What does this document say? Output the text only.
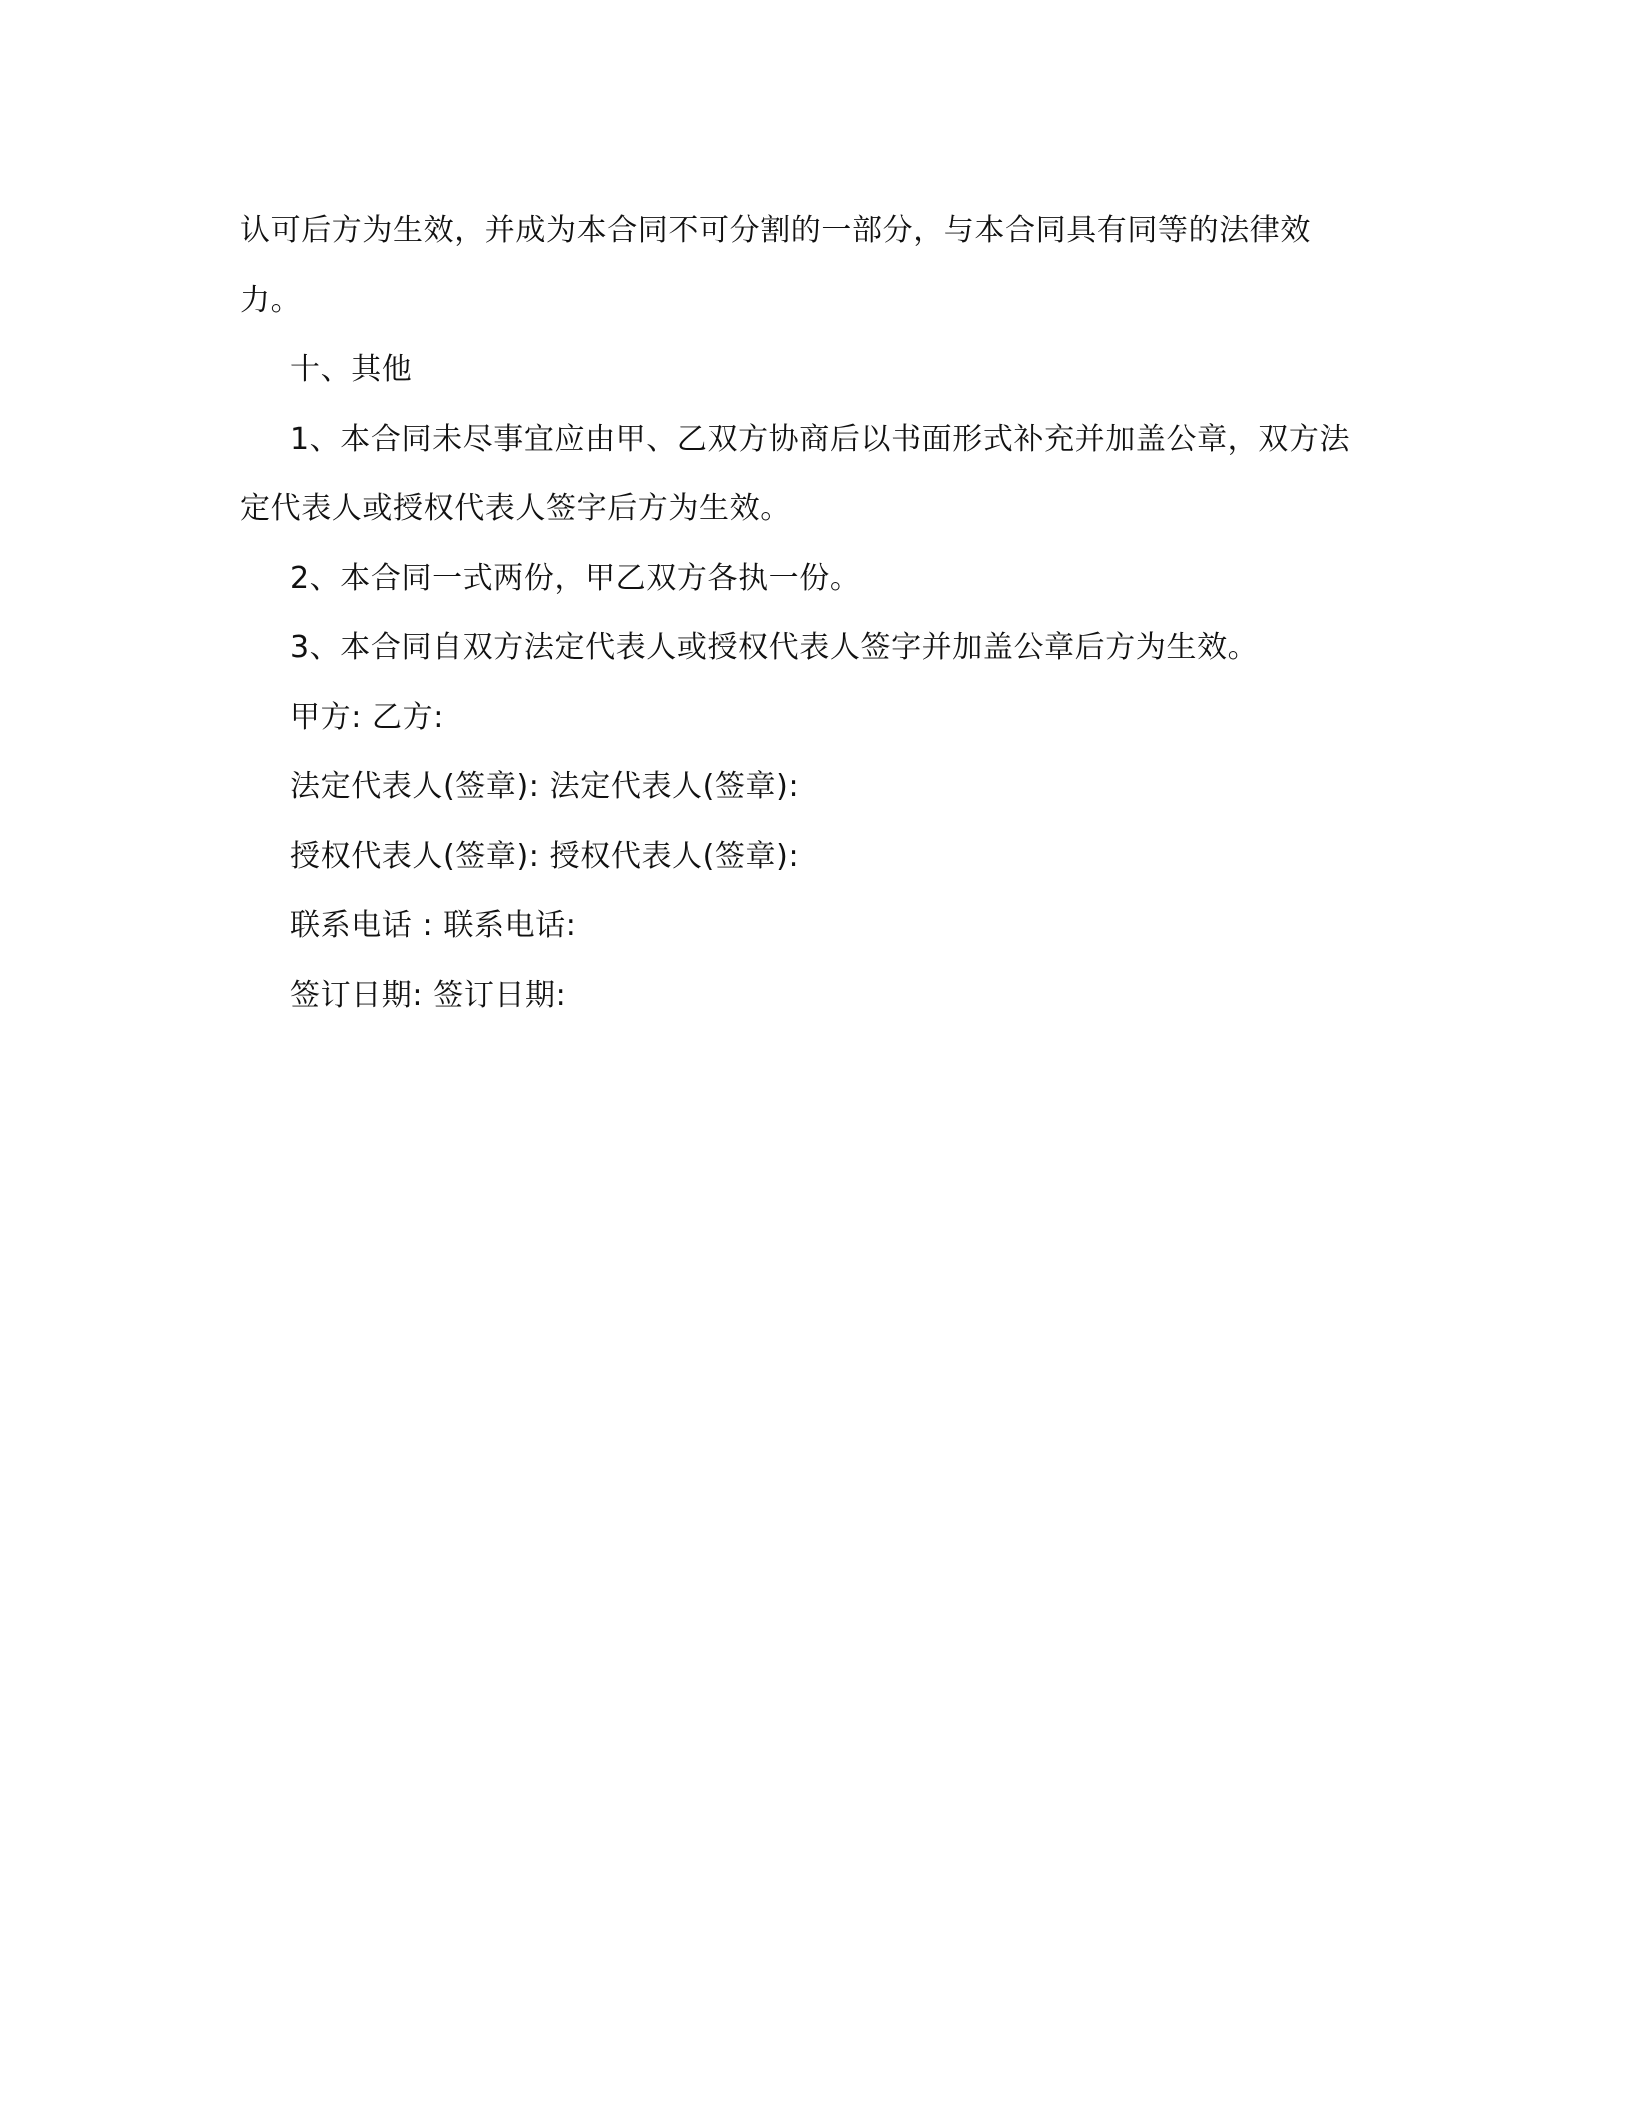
认可后方为生效，并成为本合同不可分割的一部分，与本合同具有同等的法律效力。

十、其他

1、本合同未尽事宜应由甲、乙双方协商后以书面形式补充并加盖公章，双方法定代表人或授权代表人签字后方为生效。

2、本合同一式两份，甲乙双方各执一份。

3、本合同自双方法定代表人或授权代表人签字并加盖公章后方为生效。

甲方: 乙方:

法定代表人(签章): 法定代表人(签章):

授权代表人(签章): 授权代表人(签章):

联系电话 : 联系电话:

签订日期: 签订日期:
